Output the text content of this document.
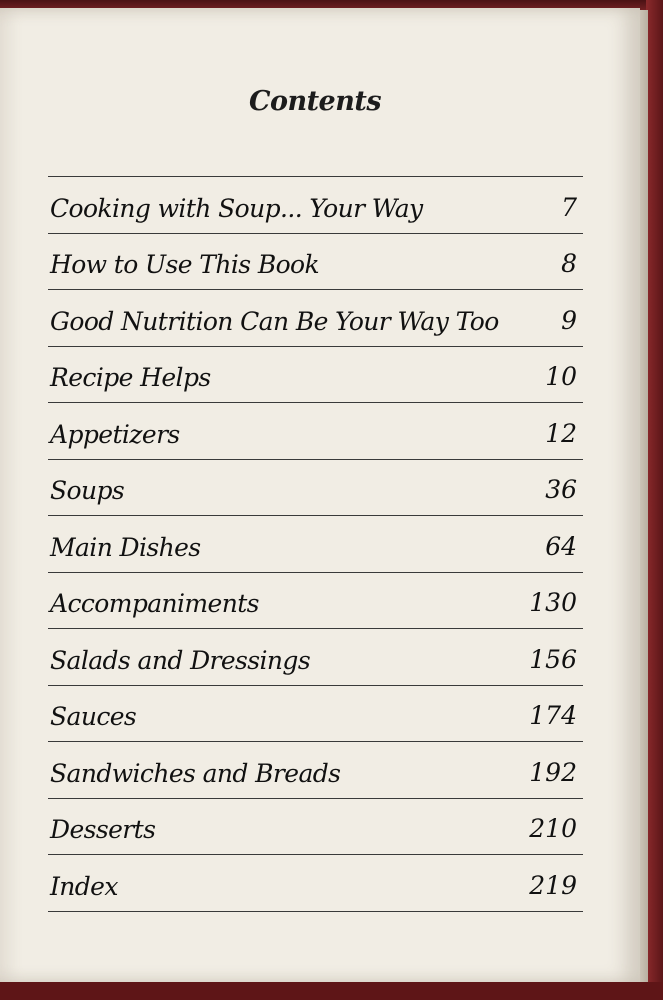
Contents
Cooking with Soup... Your Way	7
How to Use This Book	8
Good Nutrition Can Be Your Way Too 9
Recipe Helps	10
Appetizers	12
Soups	36
Main Dishes	64
Accompaniments	130
Salads and Dressings	156
Sauces	174
Sandwiches and Breads	192
Desserts	210
Index	219
